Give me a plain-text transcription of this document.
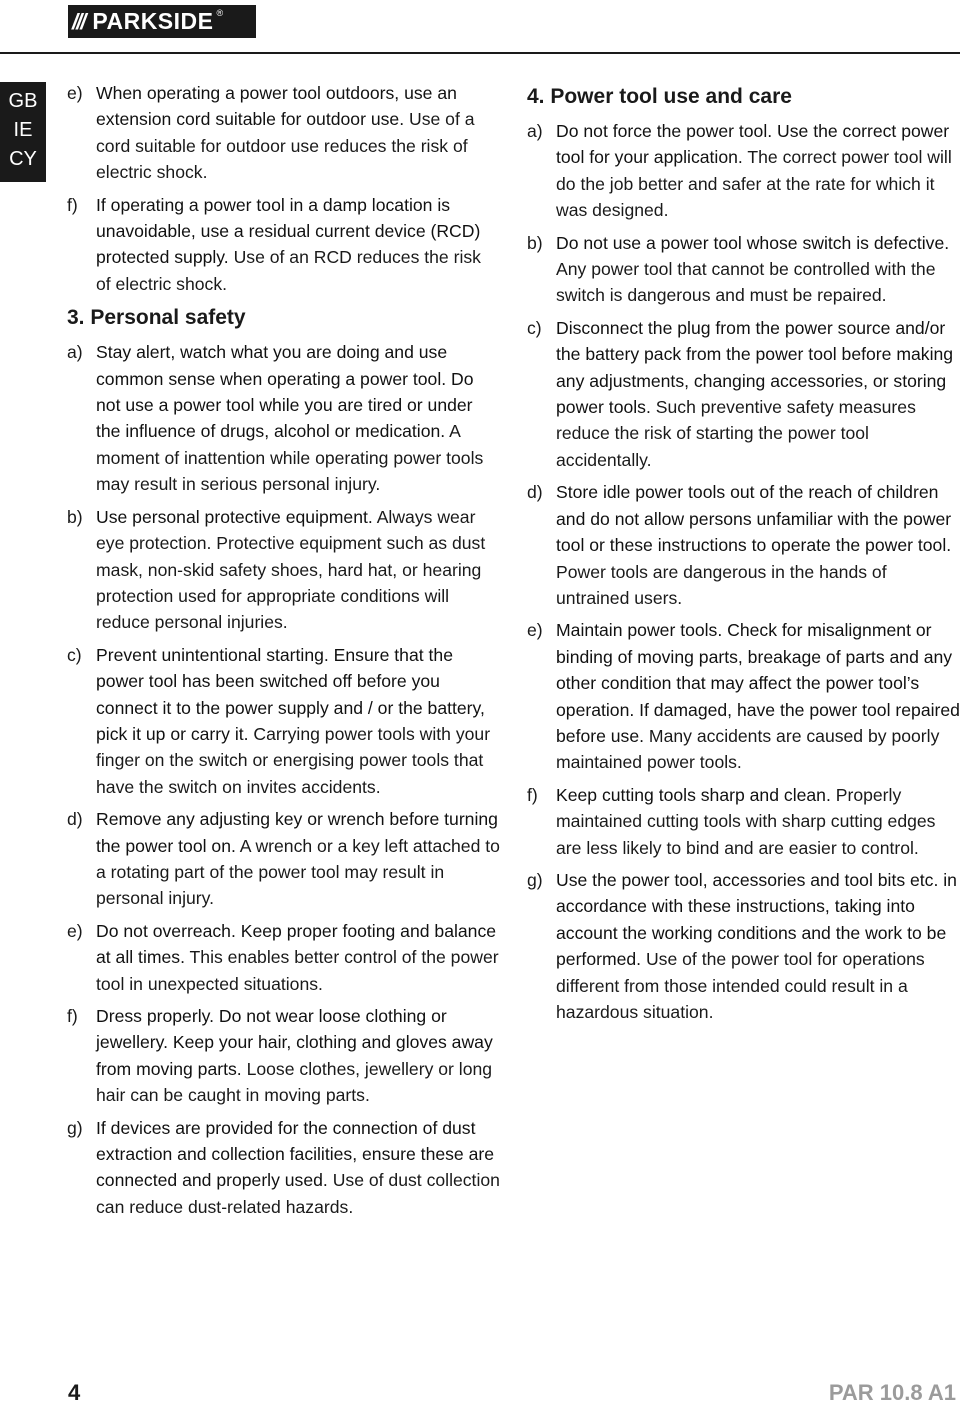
/// PARKSIDE ®
GB
IE
CY
e) When operating a power tool outdoors, use an extension cord suitable for outdoor use. Use of a cord suitable for outdoor use reduces the risk of electric shock.
f)	If operating a power tool in a damp location is unavoidable, use a residual current device (RCD) protected supply. Use of an RCD reduces the risk of electric shock.
3. Personal safety
a) Stay alert, watch what you are doing and use common sense when operating a power tool. Do not use a power tool while you are tired or under the influence of drugs, alcohol or medication. A moment of inattention while operating power tools may result in serious personal injury.
b) Use personal protective equipment. Always wear eye protection. Protective equipment such as dust mask, non-skid safety shoes, hard hat, or hearing protection used for appropriate conditions will reduce personal injuries.
c) Prevent unintentional starting. Ensure that the power tool has been switched off before you connect it to the power supply and / or the battery, pick it up or carry it. Carrying power tools with your finger on the switch or energising power tools that have the switch on invites accidents.
d) Remove any adjusting key or wrench before turning the power tool on. A wrench or a key left attached to a rotating part of the power tool may result in personal injury.
e) Do not overreach. Keep proper footing and balance at all times. This enables better control of the power tool in unexpected situations.
f)	Dress properly. Do not wear loose clothing or jewellery. Keep your hair, clothing and gloves away from moving parts. Loose clothes, jewellery or long hair can be caught in moving parts.
g) If devices are provided for the connection of dust extraction and collection facilities, ensure these are connected and properly used. Use of dust collection can reduce dust-related hazards.
4. Power tool use and care
a) Do not force the power tool. Use the correct power tool for your application. The correct power tool will do the job better and safer at the rate for which it was designed.
b) Do not use a power tool whose switch is defective. Any power tool that cannot be controlled with the switch is dangerous and must be repaired.
c) Disconnect the plug from the power source and/or the battery pack from the power tool before making any adjustments, changing accessories, or storing power tools. Such preventive safety measures reduce the risk of starting the power tool accidentally.
d) Store idle power tools out of the reach of children and do not allow persons unfamiliar with the power tool or these instructions to operate the power tool. Power tools are dangerous in the hands of untrained users.
e) Maintain power tools. Check for misalignment or binding of moving parts, breakage of parts and any other condition that may affect the power tool’s operation. If damaged, have the power tool repaired before use. Many accidents are caused by poorly maintained power tools.
f)	Keep cutting tools sharp and clean. Properly maintained cutting tools with sharp cutting edges are less likely to bind and are easier to control.
g) Use the power tool, accessories and tool bits etc. in accordance with these instructions, taking into account the working conditions and the work to be performed. Use of the power tool for operations different from those intended could result in a hazardous situation.
4	PAR 10.8 A1
